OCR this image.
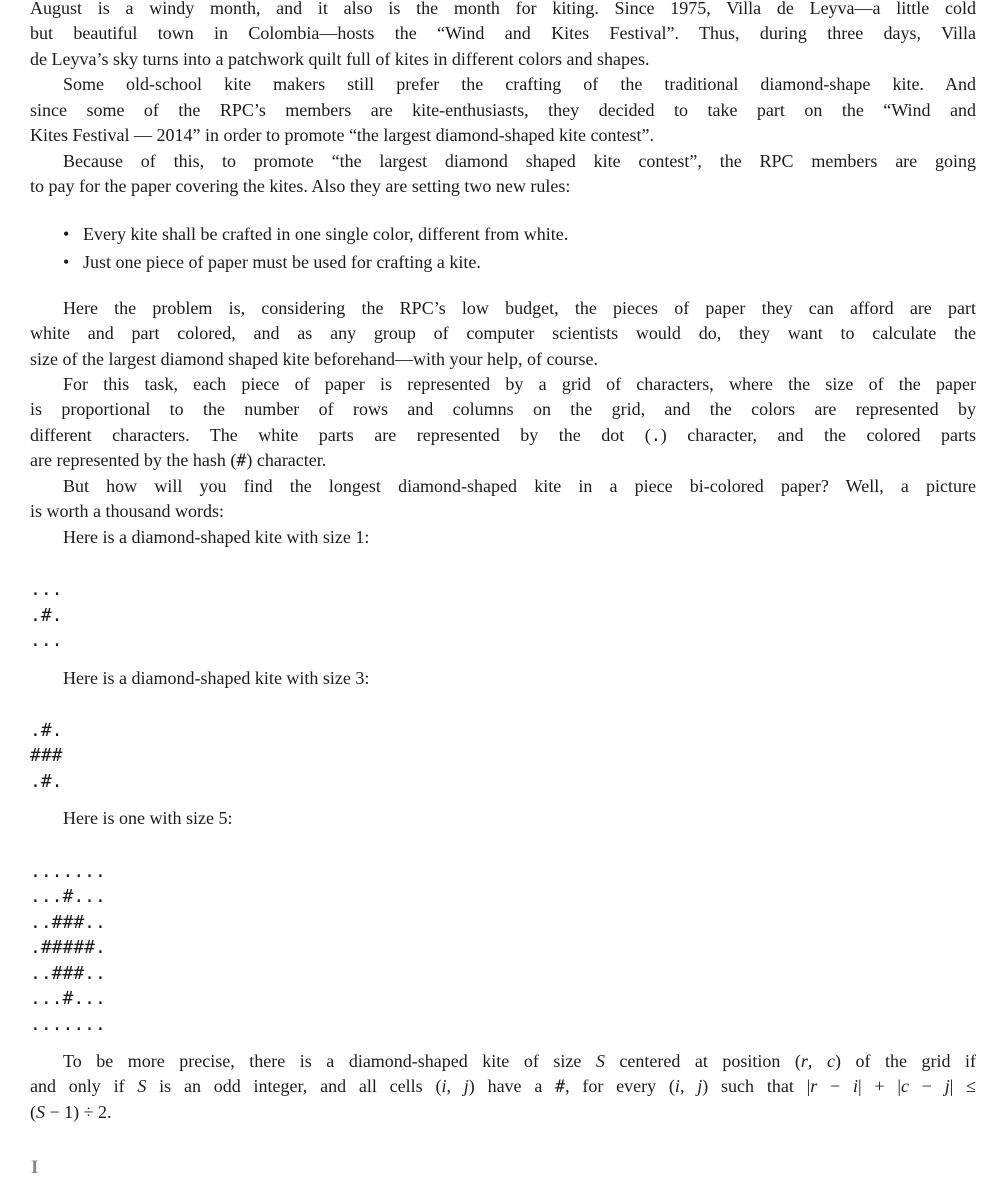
August is a windy month, and it also is the month for kiting. Since 1975, Villa de Leyva—a little cold
but beautiful town in Colombia—hosts the “Wind and Kites Festival”. Thus, during three days, Villa
de Leyva’s sky turns into a patchwork quilt full of kites in different colors and shapes.
Some old-school kite makers still prefer the crafting of the traditional diamond-shape kite. And
since some of the RPC’s members are kite-enthusiasts, they decided to take part on the “Wind and
Kites Festival — 2014” in order to promote “the largest diamond-shaped kite contest”.
Because of this, to promote “the largest diamond shaped kite contest”, the RPC members are going
to pay for the paper covering the kites. Also they are setting two new rules:
• Every kite shall be crafted in one single color, different from white.
• Just one piece of paper must be used for crafting a kite.
Here the problem is, considering the RPC’s low budget, the pieces of paper they can afford are part
white and part colored, and as any group of computer scientists would do, they want to calculate the
size of the largest diamond shaped kite beforehand—with your help, of course.
For this task, each piece of paper is represented by a grid of characters, where the size of the paper
is proportional to the number of rows and columns on the grid, and the colors are represented by
different characters. The white parts are represented by the dot (.) character, and the colored parts
are represented by the hash (#) character.
But how will you find the longest diamond-shaped kite in a piece bi-colored paper? Well, a picture
is worth a thousand words:
Here is a diamond-shaped kite with size 1:
...
.#.
...
Here is a diamond-shaped kite with size 3:
.#.
###
.#.
Here is one with size 5:
.......
...#...
..###..
.#####.
..###..
...#...
.......
To be more precise, there is a diamond-shaped kite of size S centered at position (r, c) of the grid if
and only if S is an odd integer, and all cells (i, j) have a #, for every (i, j) such that |r − i| + |c − j| ≤
(S − 1) ÷ 2.
I
